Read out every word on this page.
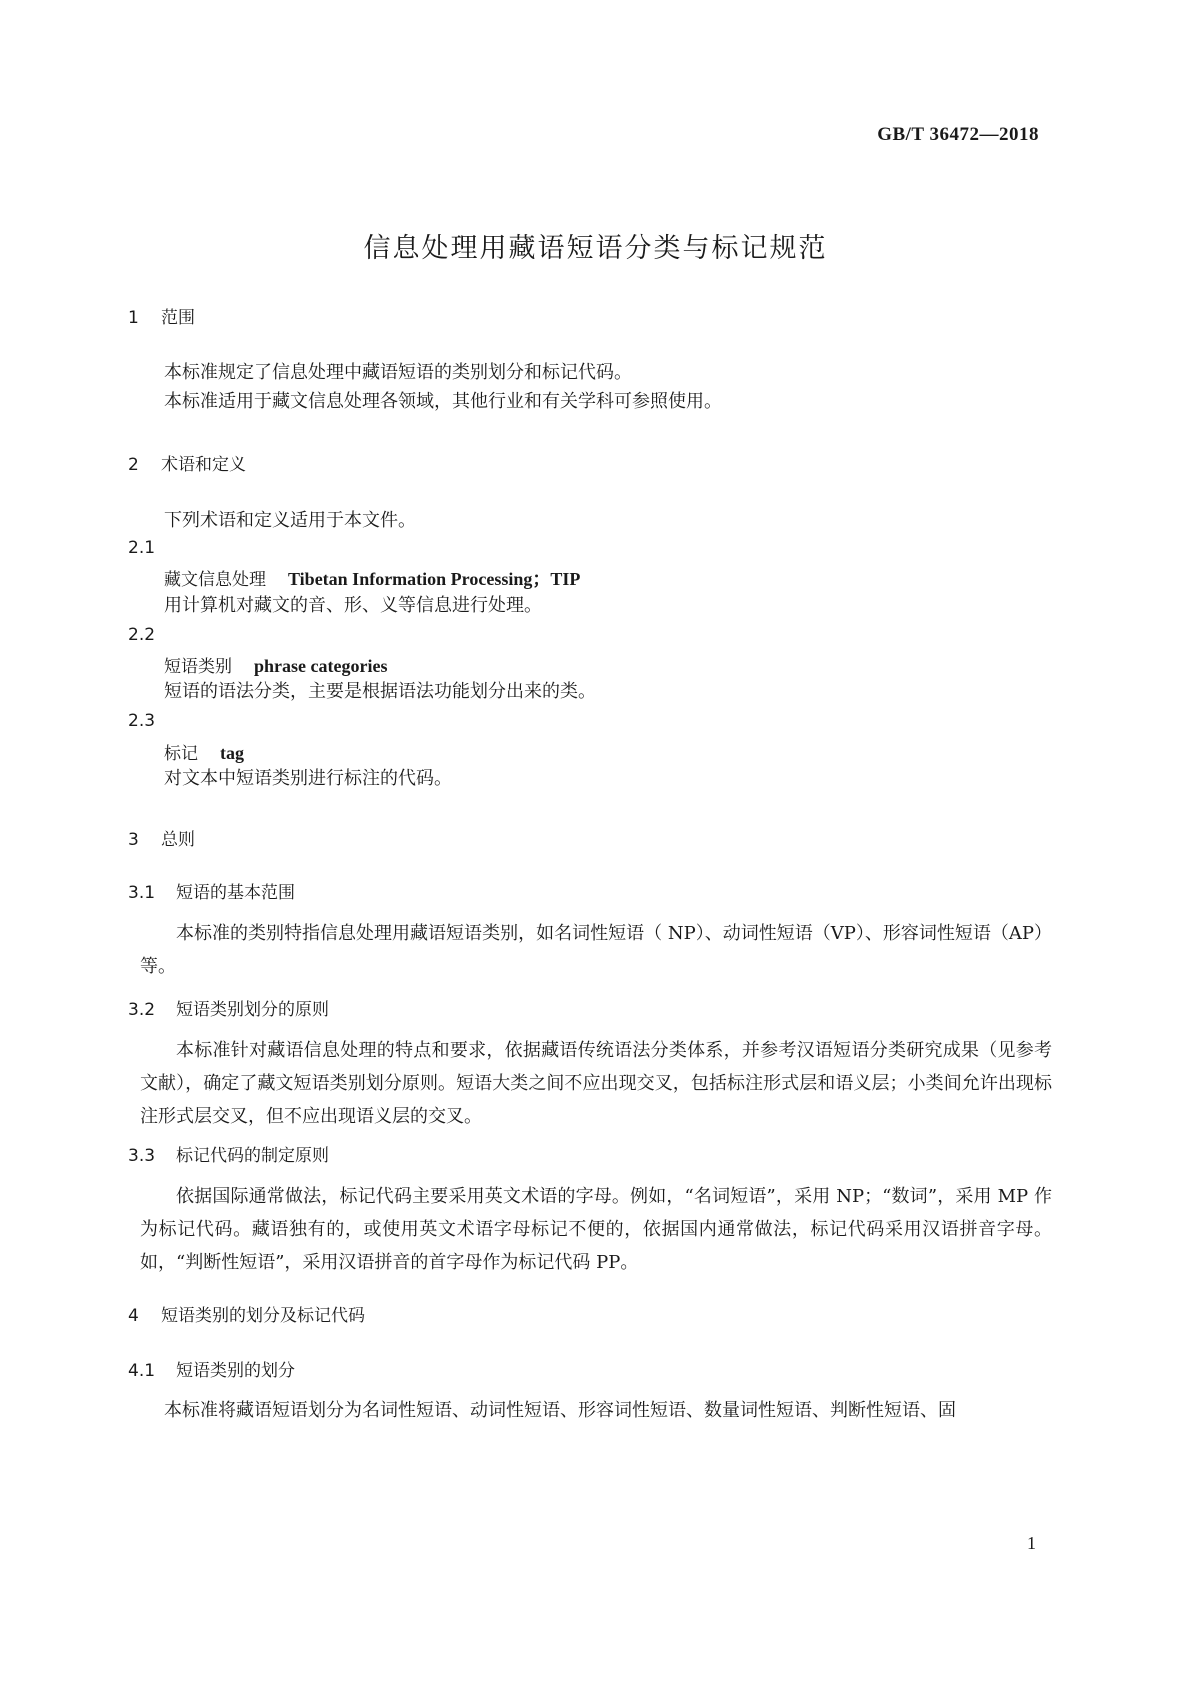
GB/T 36472—2018
信息处理用藏语短语分类与标记规范
1 范围
本标准规定了信息处理中藏语短语的类别划分和标记代码。
本标准适用于藏文信息处理各领域，其他行业和有关学科可参照使用。
2 术语和定义
下列术语和定义适用于本文件。
2.1
藏文信息处理 Tibetan Information Processing；TIP
用计算机对藏文的音、形、义等信息进行处理。
2.2
短语类别 phrase categories
短语的语法分类，主要是根据语法功能划分出来的类。
2.3
标记 tag
对文本中短语类别进行标注的代码。
3 总则
3.1 短语的基本范围

本标准的类别特指信息处理用藏语短语类别，如名词性短语（ NP）、动词性短语（VP）、形容词性短语（AP）等。

3.2 短语类别划分的原则

本标准针对藏语信息处理的特点和要求，依据藏语传统语法分类体系，并参考汉语短语分类研究成果（见参考文献），确定了藏文短语类别划分原则。短语大类之间不应出现交叉，包括标注形式层和语义层；小类间允许出现标注形式层交叉，但不应出现语义层的交叉。

3.3 标记代码的制定原则

依据国际通常做法，标记代码主要采用英文术语的字母。例如，“名词短语”，采用 NP；“数词”，采用 MP 作为标记代码。藏语独有的，或使用英文术语字母标记不便的，依据国内通常做法，标记代码采用汉语拼音字母。如，“判断性短语”，采用汉语拼音的首字母作为标记代码 PP。

4 短语类别的划分及标记代码
4.1 短语类别的划分
本标准将藏语短语划分为名词性短语、动词性短语、形容词性短语、数量词性短语、判断性短语、固
1
